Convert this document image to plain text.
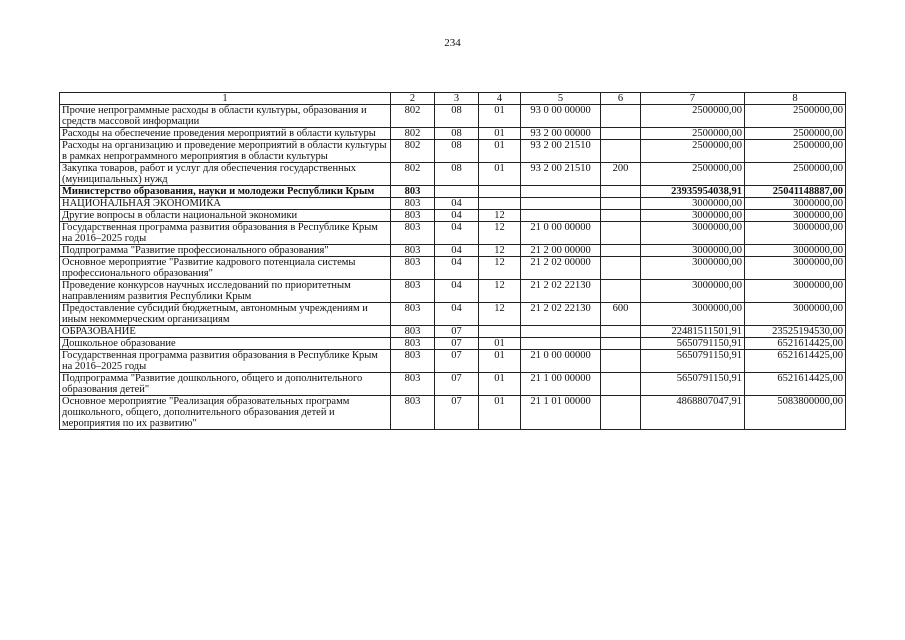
234
1	2	3	4	5	6	7	8
Прочие непрограммные расходы в области культуры, образования и средств массовой информации	802	08	01	93 0 00 00000		2500000,00	2500000,00
Расходы на обеспечение проведения мероприятий в области культуры	802	08	01	93 2 00 00000		2500000,00	2500000,00
Расходы на организацию и проведение мероприятий в области культуры в рамках непрограммного мероприятия в области культуры	802	08	01	93 2 00 21510		2500000,00	2500000,00
Закупка товаров, работ и услуг для обеспечения государственных (муниципальных) нужд	802	08	01	93 2 00 21510	200	2500000,00	2500000,00
Министерство образования, науки и молодежи Республики Крым	803					23935954038,91	25041148887,00
НАЦИОНАЛЬНАЯ ЭКОНОМИКА	803	04				3000000,00	3000000,00
Другие вопросы в области национальной экономики	803	04	12			3000000,00	3000000,00
Государственная программа развития образования в Республике Крым на 2016–2025 годы	803	04	12	21 0 00 00000		3000000,00	3000000,00
Подпрограмма "Развитие профессионального образования"	803	04	12	21 2 00 00000		3000000,00	3000000,00
Основное мероприятие "Развитие кадрового потенциала системы профессионального образования"	803	04	12	21 2 02 00000		3000000,00	3000000,00
Проведение конкурсов научных исследований по приоритетным направлениям развития Республики Крым	803	04	12	21 2 02 22130		3000000,00	3000000,00
Предоставление субсидий бюджетным, автономным учреждениям и иным некоммерческим организациям	803	04	12	21 2 02 22130	600	3000000,00	3000000,00
ОБРАЗОВАНИЕ	803	07				22481511501,91	23525194530,00
Дошкольное образование	803	07	01			5650791150,91	6521614425,00
Государственная программа развития образования в Республике Крым на 2016–2025 годы	803	07	01	21 0 00 00000		5650791150,91	6521614425,00
Подпрограмма "Развитие дошкольного, общего и дополнительного образования детей"	803	07	01	21 1 00 00000		5650791150,91	6521614425,00
Основное мероприятие "Реализация образовательных программ дошкольного, общего, дополнительного образования детей и мероприятия по их развитию"	803	07	01	21 1 01 00000		4868807047,91	5083800000,00
